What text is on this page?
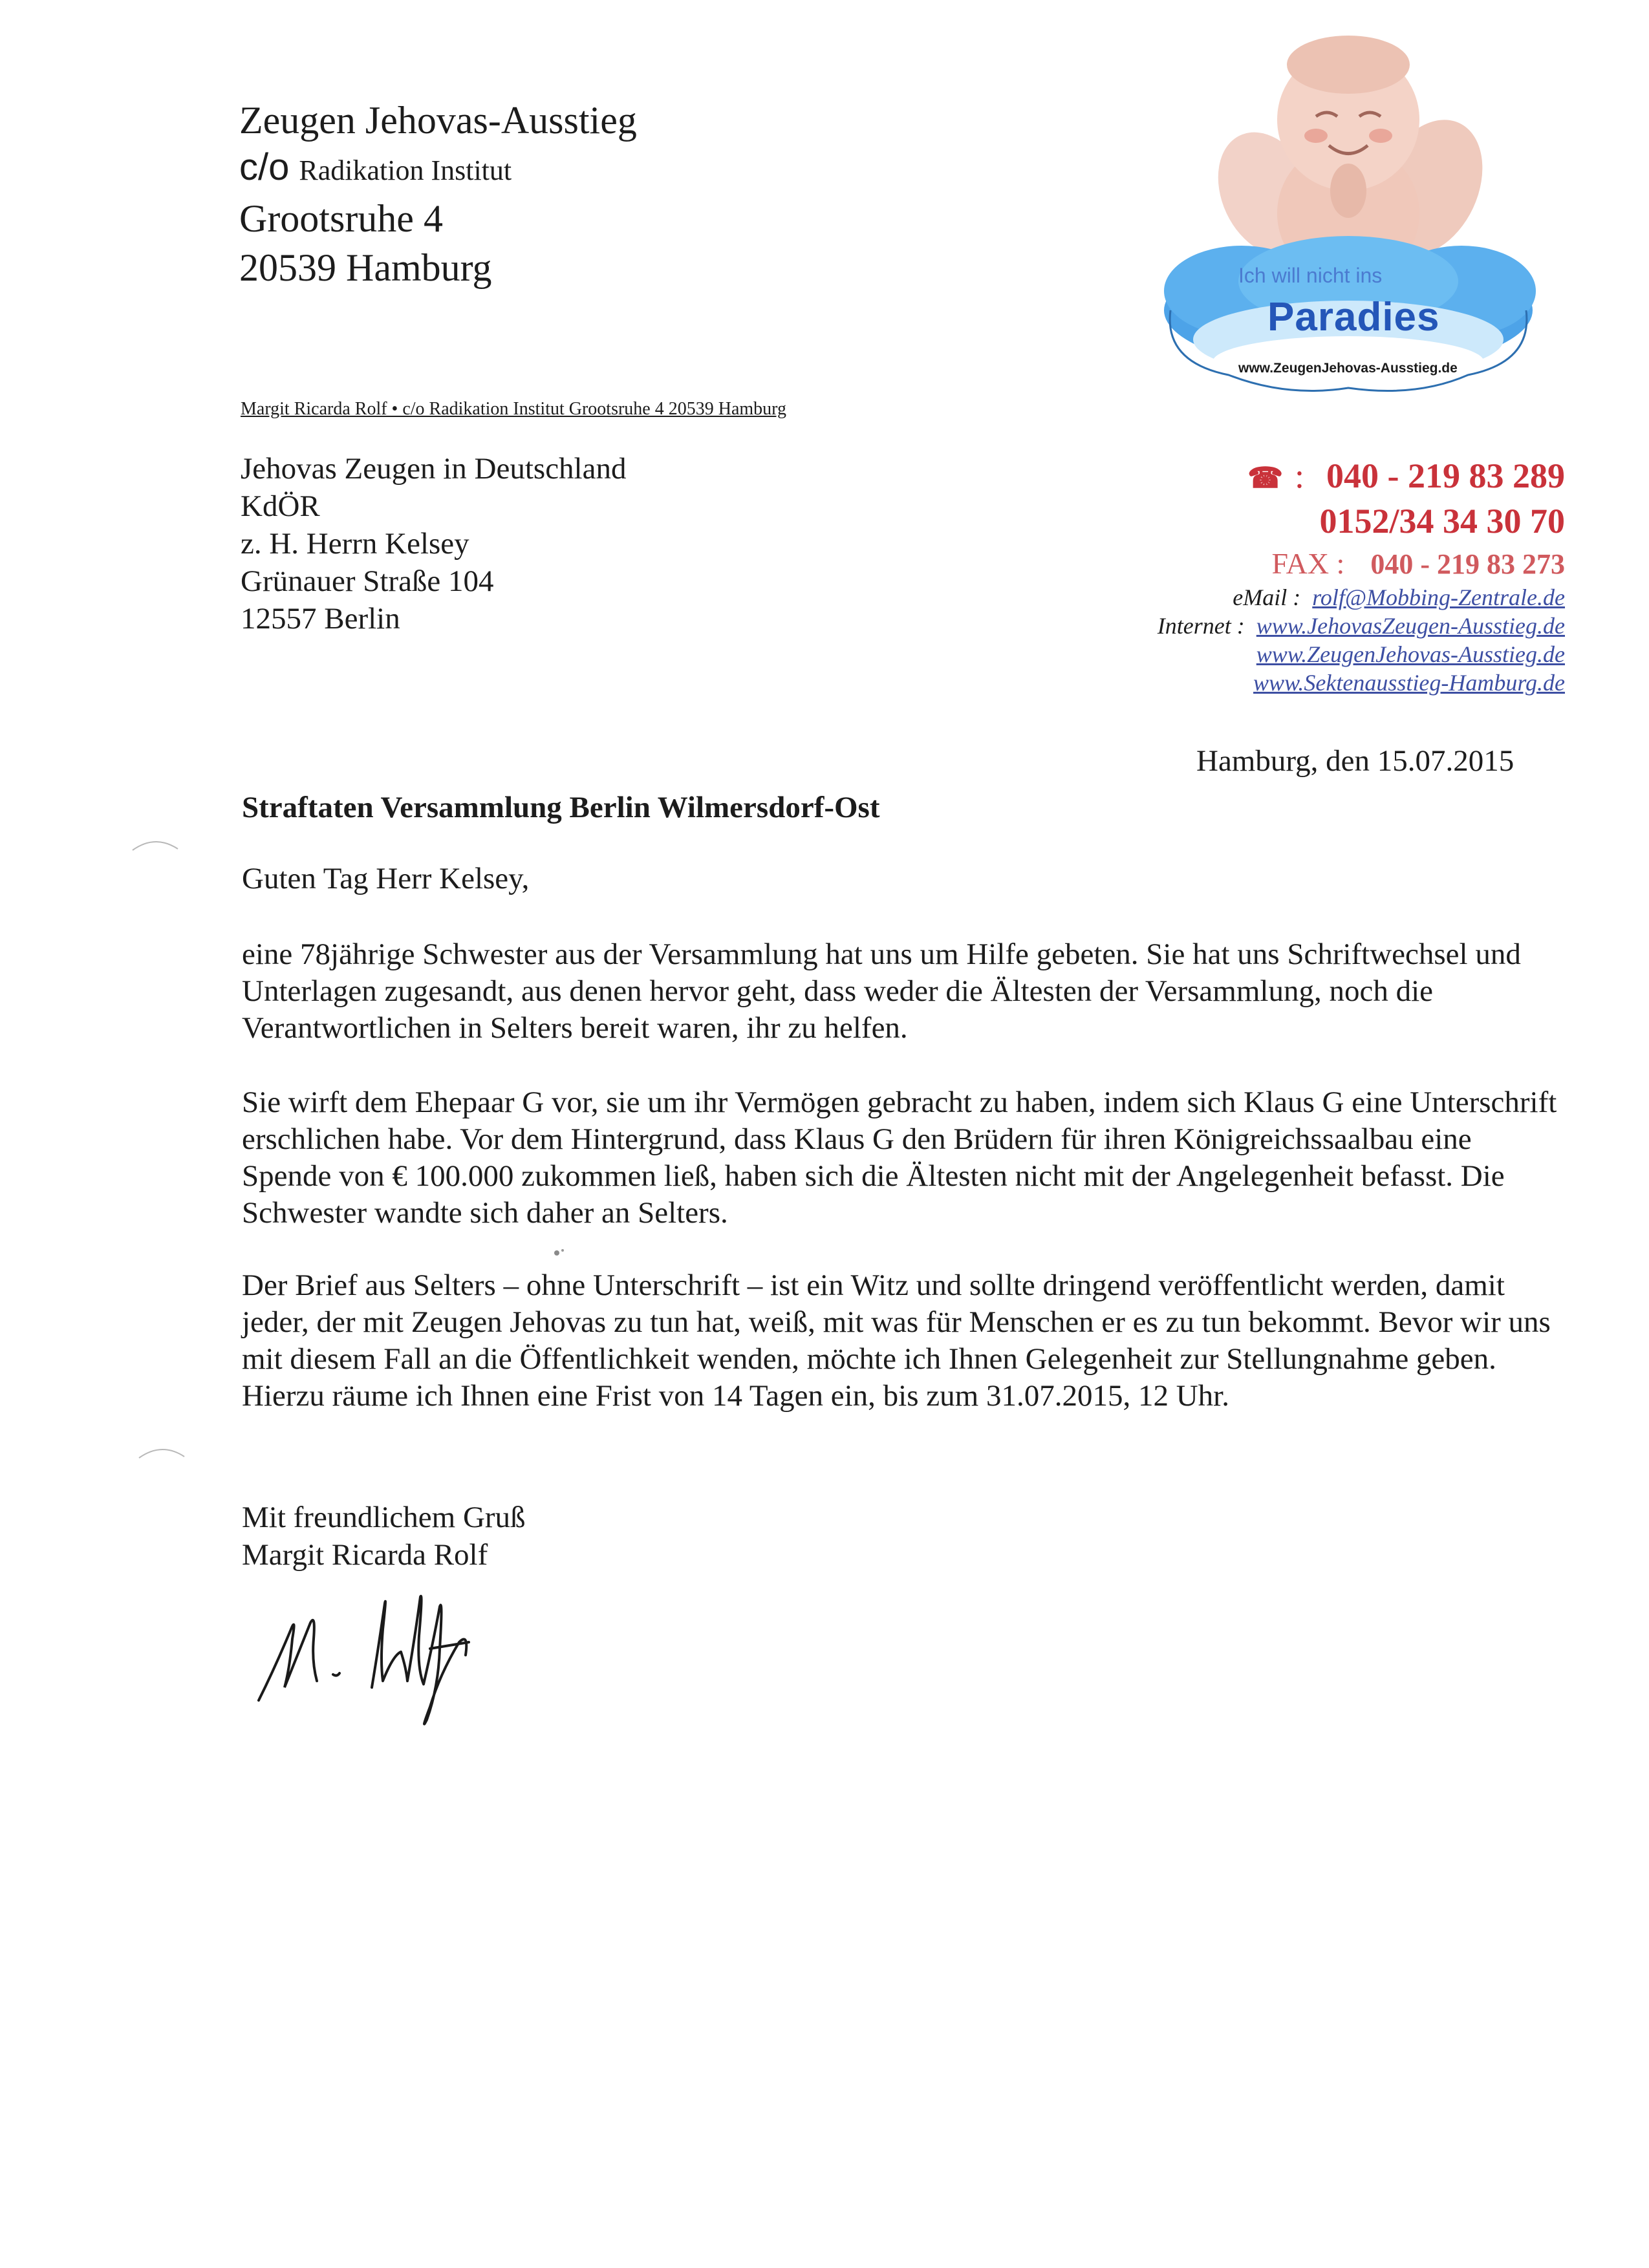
Zeugen Jehovas-Ausstieg
c/o Radikation Institut
Grootsruhe 4
20539 Hamburg	Ich will nicht ins
Paradies
www.ZeugenJehovas-Ausstieg.de
Margit Ricarda Rolf • c/o Radikation Institut Grootsruhe 4 20539 Hamburg
Jehovas Zeugen in Deutschland
KdÖR
z. H. Herrn Kelsey
Grünauer Straße 104
12557 Berlin
☎ : 040 - 219 83 289
0152/34 34 30 70
FAX : 040 - 219 83 273
eMail : rolf@Mobbing-Zentrale.de
Internet : www.JehovasZeugen-Ausstieg.de
www.ZeugenJehovas-Ausstieg.de
www.Sektenausstieg-Hamburg.de
Hamburg, den 15.07.2015
Straftaten Versammlung Berlin Wilmersdorf-Ost
Guten Tag Herr Kelsey,
eine 78jährige Schwester aus der Versammlung hat uns um Hilfe gebeten. Sie hat uns Schriftwechsel und Unterlagen zugesandt, aus denen hervor geht, dass weder die Ältesten der Versammlung, noch die Verantwortlichen in Selters bereit waren, ihr zu helfen.
Sie wirft dem Ehepaar G vor, sie um ihr Vermögen gebracht zu haben, indem sich Klaus G eine Unterschrift erschlichen habe. Vor dem Hintergrund, dass Klaus G den Brüdern für ihren Königreichssaalbau eine Spende von € 100.000 zukommen ließ, haben sich die Ältesten nicht mit der Angelegenheit befasst. Die Schwester wandte sich daher an Selters.
Der Brief aus Selters – ohne Unterschrift – ist ein Witz und sollte dringend veröffentlicht werden, damit jeder, der mit Zeugen Jehovas zu tun hat, weiß, mit was für Menschen er es zu tun bekommt. Bevor wir uns mit diesem Fall an die Öffentlichkeit wenden, möchte ich Ihnen Gelegenheit zur Stellungnahme geben. Hierzu räume ich Ihnen eine Frist von 14 Tagen ein, bis zum 31.07.2015, 12 Uhr.
Mit freundlichem Gruß
Margit Ricarda Rolf
